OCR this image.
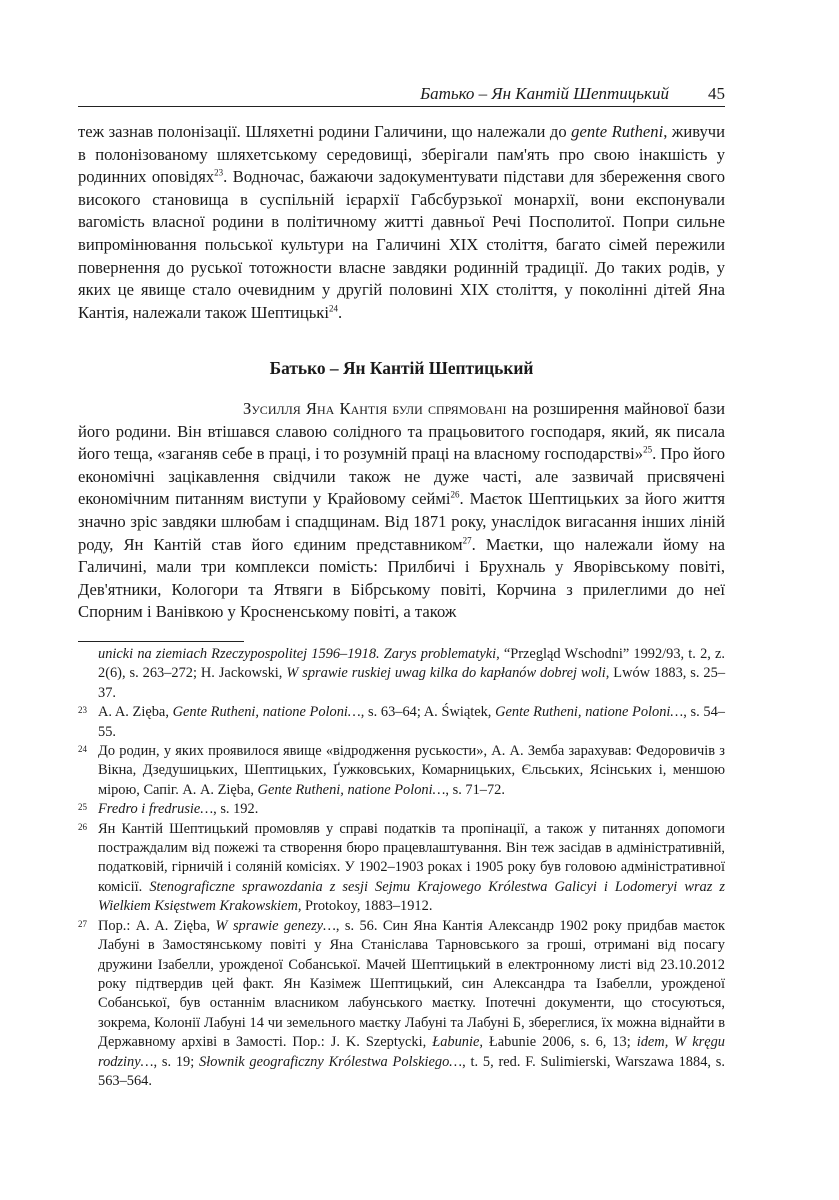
Батько – Ян Кантій Шептицький 45

теж зазнав полонізації. Шляхетні родини Галичини, що належали до gente Rutheni, живучи в полонізованому шляхетському середовищі, зберігали пам'ять про свою інакшість у родинних оповідях$^{23}$. Водночас, бажаючи задокументувати підстави для збереження свого високого становища в суспільній ієрархії Габсбурзької монархії, вони експонували вагомість власної родини в політичному житті давньої Речі Посполитої. Попри сильне випромінювання польської культури на Галичині XIX століття, багато сімей пережили повернення до руської тотожности власне завдяки родинній традиції. До таких родів, у яких це явище стало очевидним у другій половині XIX століття, у поколінні дітей Яна Кантія, належали також Шептицькі$^{24}$.

Батько – Ян Кантій Шептицький

Зусилля Яна Кантія були спрямовані на розширення майнової бази його родини. Він втішався славою солідного та працьовитого господаря, який, як писала його теща, «заганяв себе в праці, і то розумній праці на власному господарстві»$^{25}$. Про його економічні зацікавлення свідчили також не дуже часті, але зазвичай присвячені економічним питанням виступи у Крайовому сеймі$^{26}$. Маєток Шептицьких за його життя значно зріс завдяки шлюбам і спадщинам. Від 1871 року, унаслідок вигасання інших ліній роду, Ян Кантій став його єдиним представником$^{27}$. Маєтки, що належали йому на Галичині, мали три комплекси помість: Прилбичі і Брухналь у Яворівському повіті, Дев'ятники, Кологори та Ятвяги в Бібрському повіті, Корчина з прилеглими до неї Спорним і Ванівкою у Кросненському повіті, а також

unicki na ziemiach Rzeczypospolitej 1596–1918. Zarys problematyki, “Przegląd Wschodni” 1992/93, t. 2, z. 2(6), s. 263–272; H. Jackowski, W sprawie ruskiej uwag kilka do kapłanów dobrej woli, Lwów 1883, s. 25–37.
23 A. A. Zięba, Gente Rutheni, natione Poloni…, s. 63–64; A. Świątek, Gente Rutheni, natione Poloni…, s. 54–55.
24 До родин, у яких проявилося явище «відродження руськости», А. А. Земба зарахував: Федоровичів з Вікна, Дзедушицьких, Шептицьких, Ґужковських, Комарницьких, Єльських, Ясінських і, меншою мірою, Сапіг. А. А. Zięba, Gente Rutheni, natione Poloni…, s. 71–72.
25 Fredro i fredrusie…, s. 192.
26 Ян Кантій Шептицький промовляв у справі податків та пропінації, а також у питаннях допомоги постраждалим від пожежі та створення бюро працевлаштування. Він теж засідав в адміністративній, податковій, гірничій і соляній комісіях. У 1902–1903 роках і 1905 року був головою адміністративної комісії. Stenograficzne sprawozdania z sesji Sejmu Krajowego Królestwa Galicyi i Lodomeryi wraz z Wielkiem Księstwem Krakowskiem, Protokoy, 1883–1912.
27 Пор.: A. A. Zięba, W sprawie genezy…, s. 56. Син Яна Кантія Александр 1902 року придбав маєток Лабуні в Замостянському повіті у Яна Станіслава Тарновського за гроші, отримані від посагу дружини Ізабелли, урожденої Собанської. Мачей Шептицький в електронному листі від 23.10.2012 року підтвердив цей факт. Ян Казімеж Шептицький, син Александра та Ізабелли, урожденої Собанської, був останнім власником лабунського маєтку. Іпотечні документи, що стосуються, зокрема, Колонії Лабуні 14 чи земельного маєтку Лабуні та Лабуні Б, збереглися, їх можна віднайти в Державному архіві в Замості. Пор.: J. K. Szeptycki, Łabunie, Łabunie 2006, s. 6, 13; idem, W kręgu rodziny…, s. 19; Słownik geograficzny Królestwa Polskiego…, t. 5, red. F. Sulimierski, Warszawa 1884, s. 563–564.
